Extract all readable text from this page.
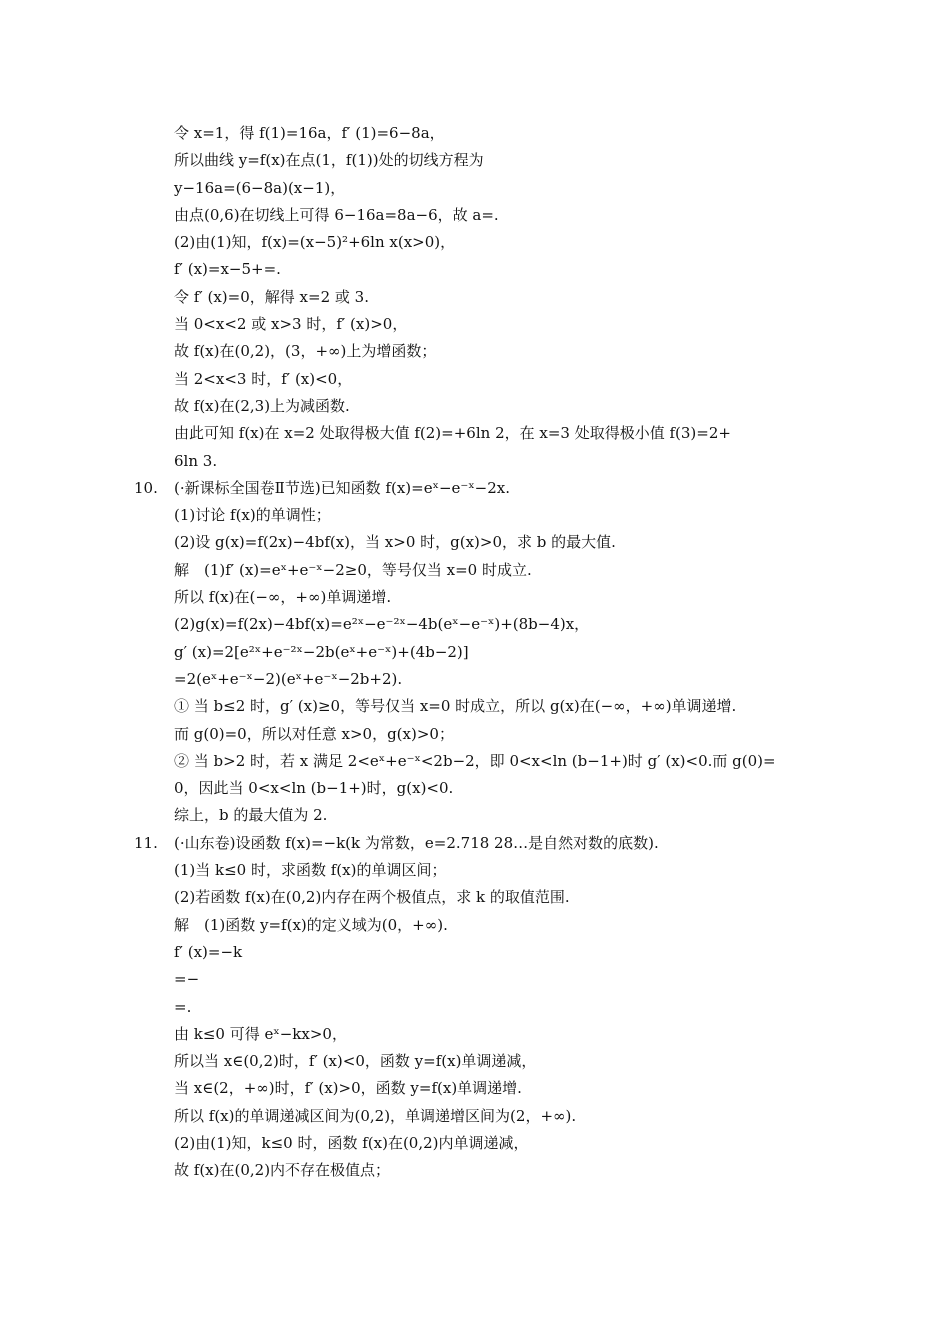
令 x=1，得 f(1)=16a，f′ (1)=6−8a，
所以曲线 y=f(x)在点(1，f(1))处的切线方程为
y−16a=(6−8a)(x−1)，
由点(0,6)在切线上可得 6−16a=8a−6，故 a=.
(2)由(1)知，f(x)=(x−5)²+6ln x(x>0)，
f′ (x)=x−5+=.
令 f′ (x)=0，解得 x=2 或 3.
当 0<x<2 或 x>3 时，f′ (x)>0，
故 f(x)在(0,2)，(3，+∞)上为增函数；
当 2<x<3 时，f′ (x)<0，
故 f(x)在(2,3)上为减函数.
由此可知 f(x)在 x=2 处取得极大值 f(2)=+6ln 2，在 x=3 处取得极小值 f(3)=2+
6ln 3.
10. (·新课标全国卷Ⅱ节选)已知函数 f(x)=eˣ−e⁻ˣ−2x.
(1)讨论 f(x)的单调性；
(2)设 g(x)=f(2x)−4bf(x)，当 x>0 时，g(x)>0，求 b 的最大值.
解　(1)f′ (x)=eˣ+e⁻ˣ−2≥0，等号仅当 x=0 时成立.
所以 f(x)在(−∞，+∞)单调递增.
(2)g(x)=f(2x)−4bf(x)=e²ˣ−e⁻²ˣ−4b(eˣ−e⁻ˣ)+(8b−4)x，
g′ (x)=2[e²ˣ+e⁻²ˣ−2b(eˣ+e⁻ˣ)+(4b−2)]
=2(eˣ+e⁻ˣ−2)(eˣ+e⁻ˣ−2b+2).
① 当 b≤2 时，g′ (x)≥0，等号仅当 x=0 时成立，所以 g(x)在(−∞，+∞)单调递增.
而 g(0)=0，所以对任意 x>0，g(x)>0；
② 当 b>2 时，若 x 满足 2<eˣ+e⁻ˣ<2b−2，即 0<x<ln (b−1+)时 g′ (x)<0.而 g(0)=
0，因此当 0<x<ln (b−1+)时，g(x)<0.
综上，b 的最大值为 2.
11. (·山东卷)设函数 f(x)=−k(k 为常数，e=2.718 28…是自然对数的底数).
(1)当 k≤0 时，求函数 f(x)的单调区间；
(2)若函数 f(x)在(0,2)内存在两个极值点，求 k 的取值范围.
解　(1)函数 y=f(x)的定义域为(0，+∞).
f′ (x)=−k
=−
=.
由 k≤0 可得 eˣ−kx>0，
所以当 x∈(0,2)时，f′ (x)<0，函数 y=f(x)单调递减，
当 x∈(2，+∞)时，f′ (x)>0，函数 y=f(x)单调递增.
所以 f(x)的单调递减区间为(0,2)，单调递增区间为(2，+∞).
(2)由(1)知，k≤0 时，函数 f(x)在(0,2)内单调递减，
故 f(x)在(0,2)内不存在极值点；
